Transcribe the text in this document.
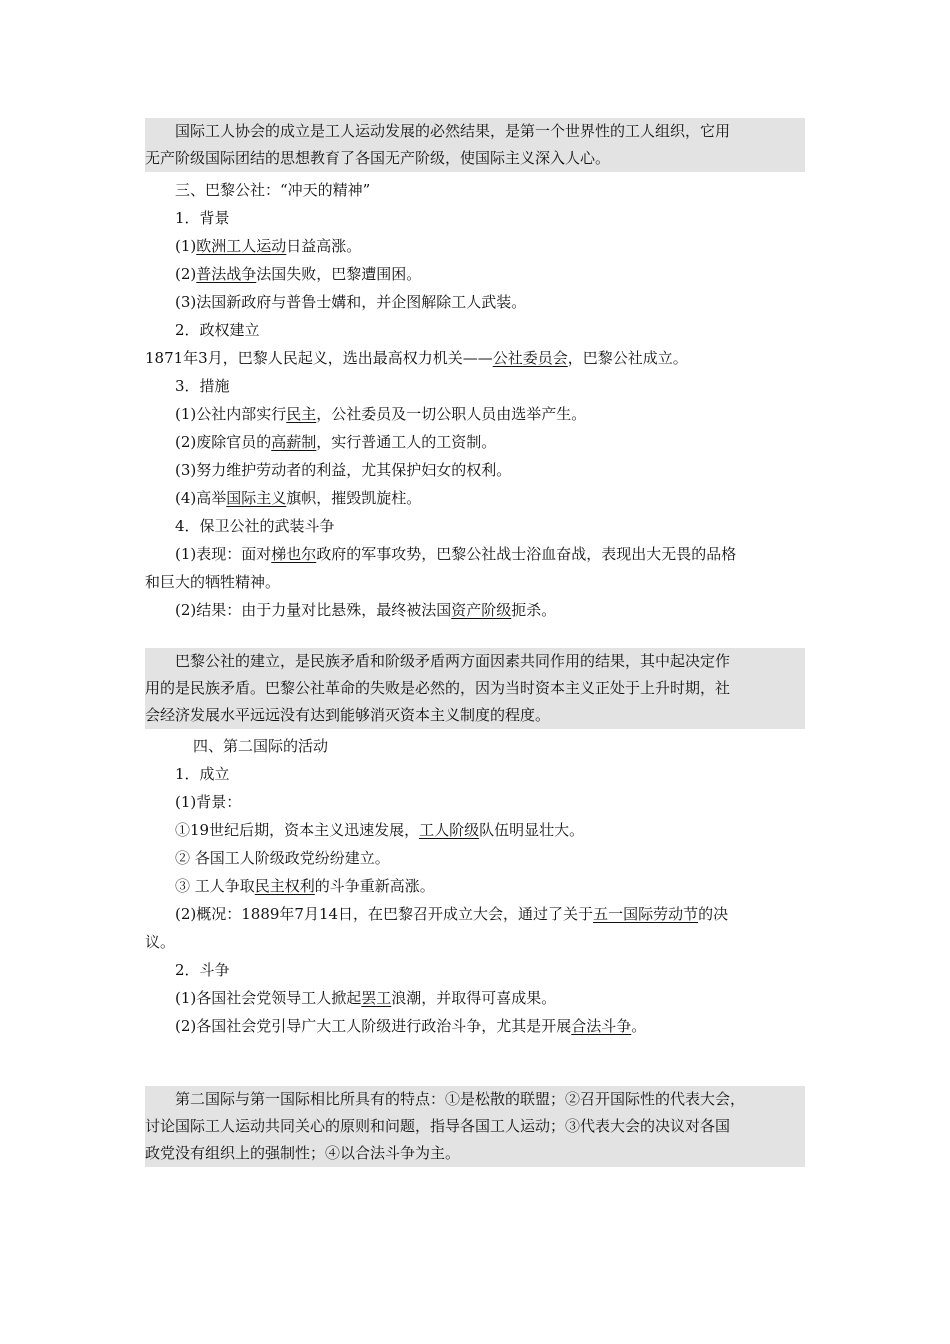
国际工人协会的成立是工人运动发展的必然结果，是第一个世界性的工人组织，它用
无产阶级国际团结的思想教育了各国无产阶级，使国际主义深入人心。
三、巴黎公社：“冲天的精神”
1．背景
(1)欧洲工人运动日益高涨。
(2)普法战争法国失败，巴黎遭围困。
(3)法国新政府与普鲁士媾和，并企图解除工人武装。
2．政权建立
1871年3月，巴黎人民起义，选出最高权力机关——公社委员会，巴黎公社成立。
3．措施
(1)公社内部实行民主，公社委员及一切公职人员由选举产生。
(2)废除官员的高薪制，实行普通工人的工资制。
(3)努力维护劳动者的利益，尤其保护妇女的权利。
(4)高举国际主义旗帜，摧毁凯旋柱。
4．保卫公社的武装斗争
(1)表现：面对梯也尔政府的军事攻势，巴黎公社战士浴血奋战，表现出大无畏的品格
和巨大的牺牲精神。
(2)结果：由于力量对比悬殊，最终被法国资产阶级扼杀。
巴黎公社的建立，是民族矛盾和阶级矛盾两方面因素共同作用的结果，其中起决定作
用的是民族矛盾。巴黎公社革命的失败是必然的，因为当时资本主义正处于上升时期，社
会经济发展水平远远没有达到能够消灭资本主义制度的程度。
四、第二国际的活动
1．成立
(1)背景：
①19世纪后期，资本主义迅速发展，工人阶级队伍明显壮大。
② 各国工人阶级政党纷纷建立。
③ 工人争取民主权利的斗争重新高涨。
(2)概况：1889年7月14日，在巴黎召开成立大会，通过了关于五一国际劳动节的决
议。
2．斗争
(1)各国社会党领导工人掀起罢工浪潮，并取得可喜成果。
(2)各国社会党引导广大工人阶级进行政治斗争，尤其是开展合法斗争。
第二国际与第一国际相比所具有的特点：①是松散的联盟；②召开国际性的代表大会，
讨论国际工人运动共同关心的原则和问题，指导各国工人运动；③代表大会的决议对各国
政党没有组织上的强制性；④以合法斗争为主。
